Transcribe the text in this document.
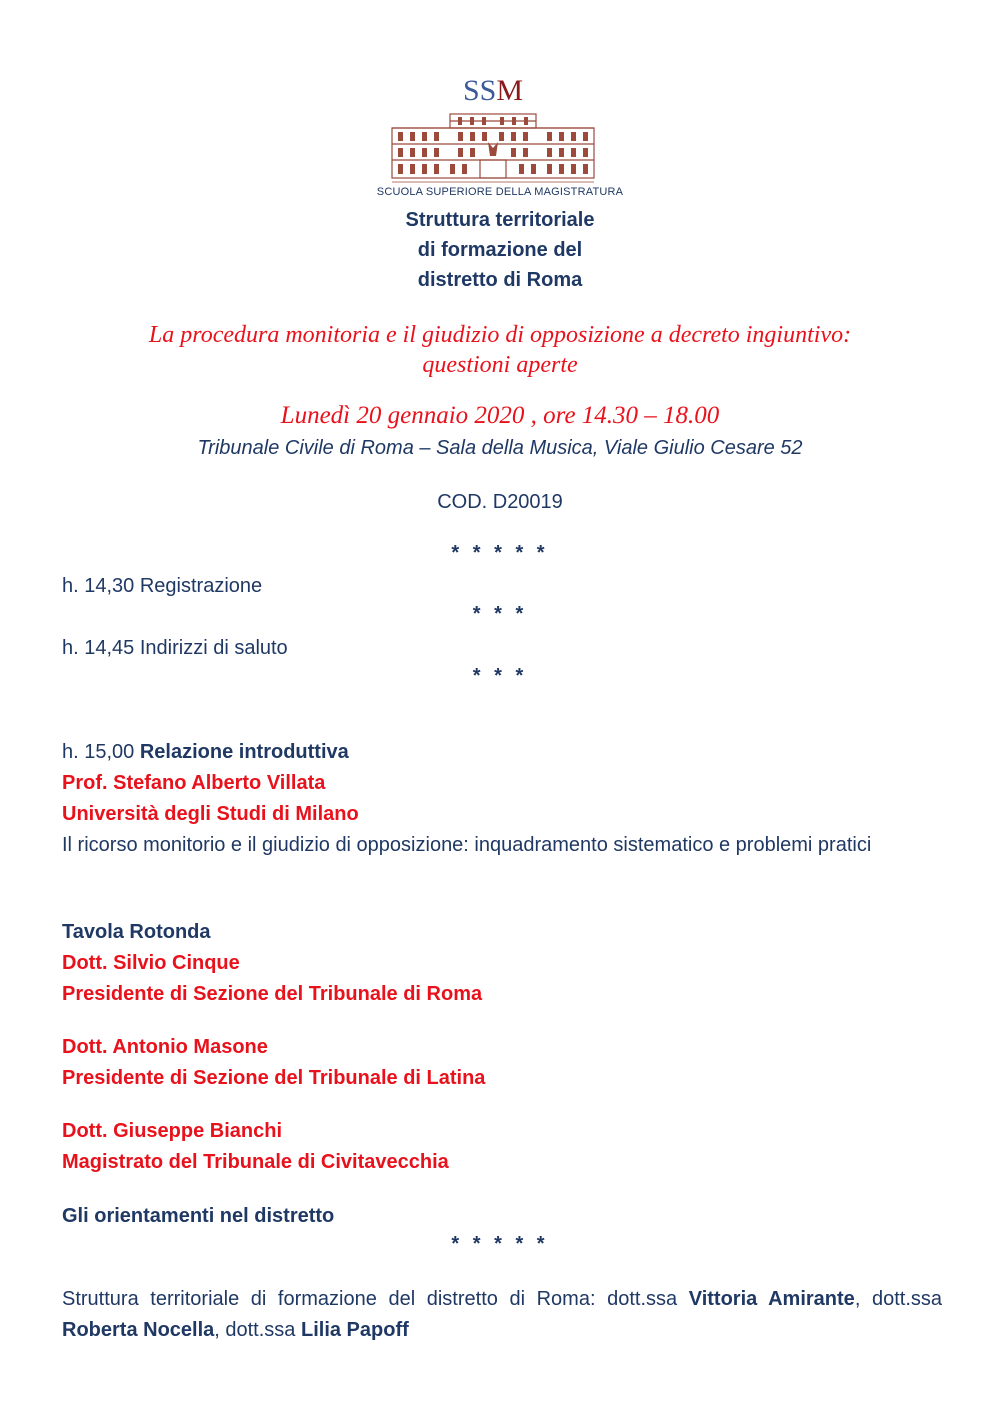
SSM
SCUOLA SUPERIORE DELLA MAGISTRATURA
Struttura territoriale
di formazione del
distretto di Roma
La procedura monitoria e il giudizio di opposizione a decreto ingiuntivo:
questioni aperte
Lunedì 20 gennaio 2020 , ore 14.30 – 18.00
Tribunale Civile di Roma – Sala della Musica, Viale Giulio Cesare 52
COD. D20019
* * * * *
h. 14,30 Registrazione
* * *
h. 14,45 Indirizzi di saluto
* * *
h. 15,00 Relazione introduttiva
Prof. Stefano Alberto Villata
Università degli Studi di Milano
Il ricorso monitorio e il giudizio di opposizione: inquadramento sistematico e problemi pratici
Tavola Rotonda
Dott. Silvio Cinque
Presidente di Sezione del Tribunale di Roma
Dott. Antonio Masone
Presidente di Sezione del Tribunale di Latina
Dott. Giuseppe Bianchi
Magistrato del Tribunale di Civitavecchia
Gli orientamenti nel distretto
* * * * *
Struttura territoriale di formazione del distretto di Roma: dott.ssa Vittoria Amirante, dott.ssa Roberta Nocella, dott.ssa Lilia Papoff
